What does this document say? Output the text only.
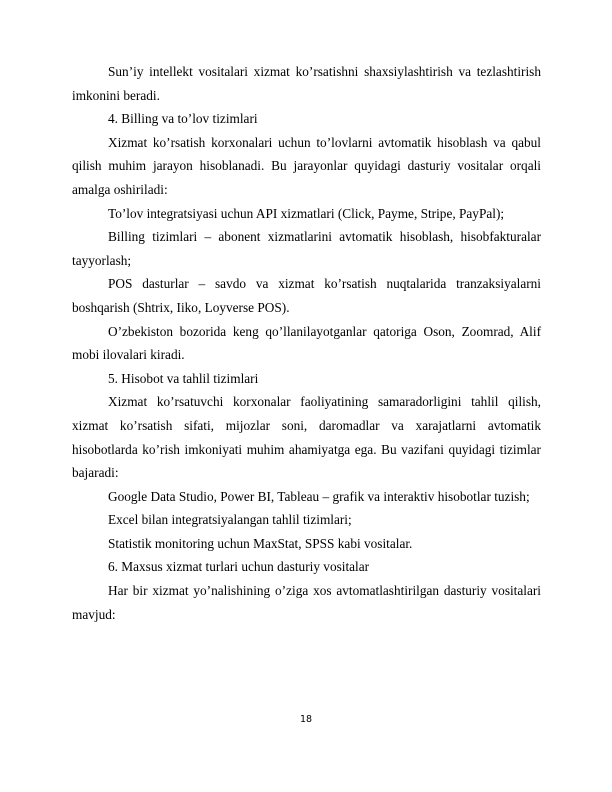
Sun’iy intellekt vositalari xizmat ko’rsatishni shaxsiylashtirish va tezlashtirish imkonini beradi.

4. Billing va to’lov tizimlari

Xizmat ko’rsatish korxonalari uchun to’lovlarni avtomatik hisoblash va qabul qilish muhim jarayon hisoblanadi. Bu jarayonlar quyidagi dasturiy vositalar orqali amalga oshiriladi:

To’lov integratsiyasi uchun API xizmatlari (Click, Payme, Stripe, PayPal);

Billing tizimlari – abonent xizmatlarini avtomatik hisoblash, hisobfakturalar tayyorlash;

POS dasturlar – savdo va xizmat ko’rsatish nuqtalarida tranzaksiyalarni boshqarish (Shtrix, Iiko, Loyverse POS).

O’zbekiston bozorida keng qo’llanilayotganlar qatoriga Oson, Zoomrad, Alif mobi ilovalari kiradi.

5. Hisobot va tahlil tizimlari

Xizmat ko’rsatuvchi korxonalar faoliyatining samaradorligini tahlil qilish, xizmat ko’rsatish sifati, mijozlar soni, daromadlar va xarajatlarni avtomatik hisobotlarda ko’rish imkoniyati muhim ahamiyatga ega. Bu vazifani quyidagi tizimlar bajaradi:

Google Data Studio, Power BI, Tableau – grafik va interaktiv hisobotlar tuzish;

Excel bilan integratsiyalangan tahlil tizimlari;

Statistik monitoring uchun MaxStat, SPSS kabi vositalar.

6. Maxsus xizmat turlari uchun dasturiy vositalar

Har bir xizmat yo’nalishining o’ziga xos avtomatlashtirilgan dasturiy vositalari mavjud:

18
